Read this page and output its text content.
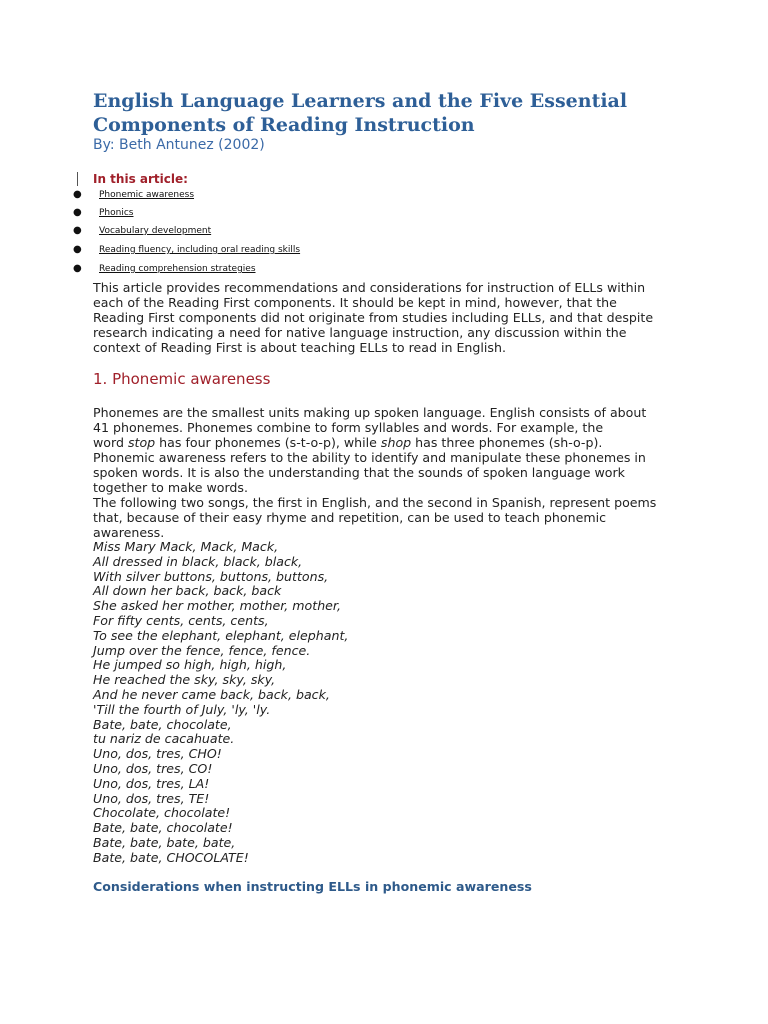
English Language Learners and the Five Essential Components of Reading Instruction
By: Beth Antunez (2002)
In this article:
● Phonemic awareness
● Phonics
● Vocabulary development
● Reading fluency, including oral reading skills
● Reading comprehension strategies
This article provides recommendations and considerations for instruction of ELLs within
each of the Reading First components. It should be kept in mind, however, that the
Reading First components did not originate from studies including ELLs, and that despite
research indicating a need for native language instruction, any discussion within the
context of Reading First is about teaching ELLs to read in English.
1. Phonemic awareness
Phonemes are the smallest units making up spoken language. English consists of about
41 phonemes. Phonemes combine to form syllables and words. For example, the
word stop has four phonemes (s-t-o-p), while shop has three phonemes (sh-o-p).
Phonemic awareness refers to the ability to identify and manipulate these phonemes in
spoken words. It is also the understanding that the sounds of spoken language work
together to make words.
The following two songs, the first in English, and the second in Spanish, represent poems
that, because of their easy rhyme and repetition, can be used to teach phonemic
awareness.
Miss Mary Mack, Mack, Mack,
All dressed in black, black, black,
With silver buttons, buttons, buttons,
All down her back, back, back
She asked her mother, mother, mother,
For fifty cents, cents, cents,
To see the elephant, elephant, elephant,
Jump over the fence, fence, fence.
He jumped so high, high, high,
He reached the sky, sky, sky,
And he never came back, back, back,
'Till the fourth of July, 'ly, 'ly.
Bate, bate, chocolate,
tu nariz de cacahuate.
Uno, dos, tres, CHO!
Uno, dos, tres, CO!
Uno, dos, tres, LA!
Uno, dos, tres, TE!
Chocolate, chocolate!
Bate, bate, chocolate!
Bate, bate, bate, bate,
Bate, bate, CHOCOLATE!
Considerations when instructing ELLs in phonemic awareness
